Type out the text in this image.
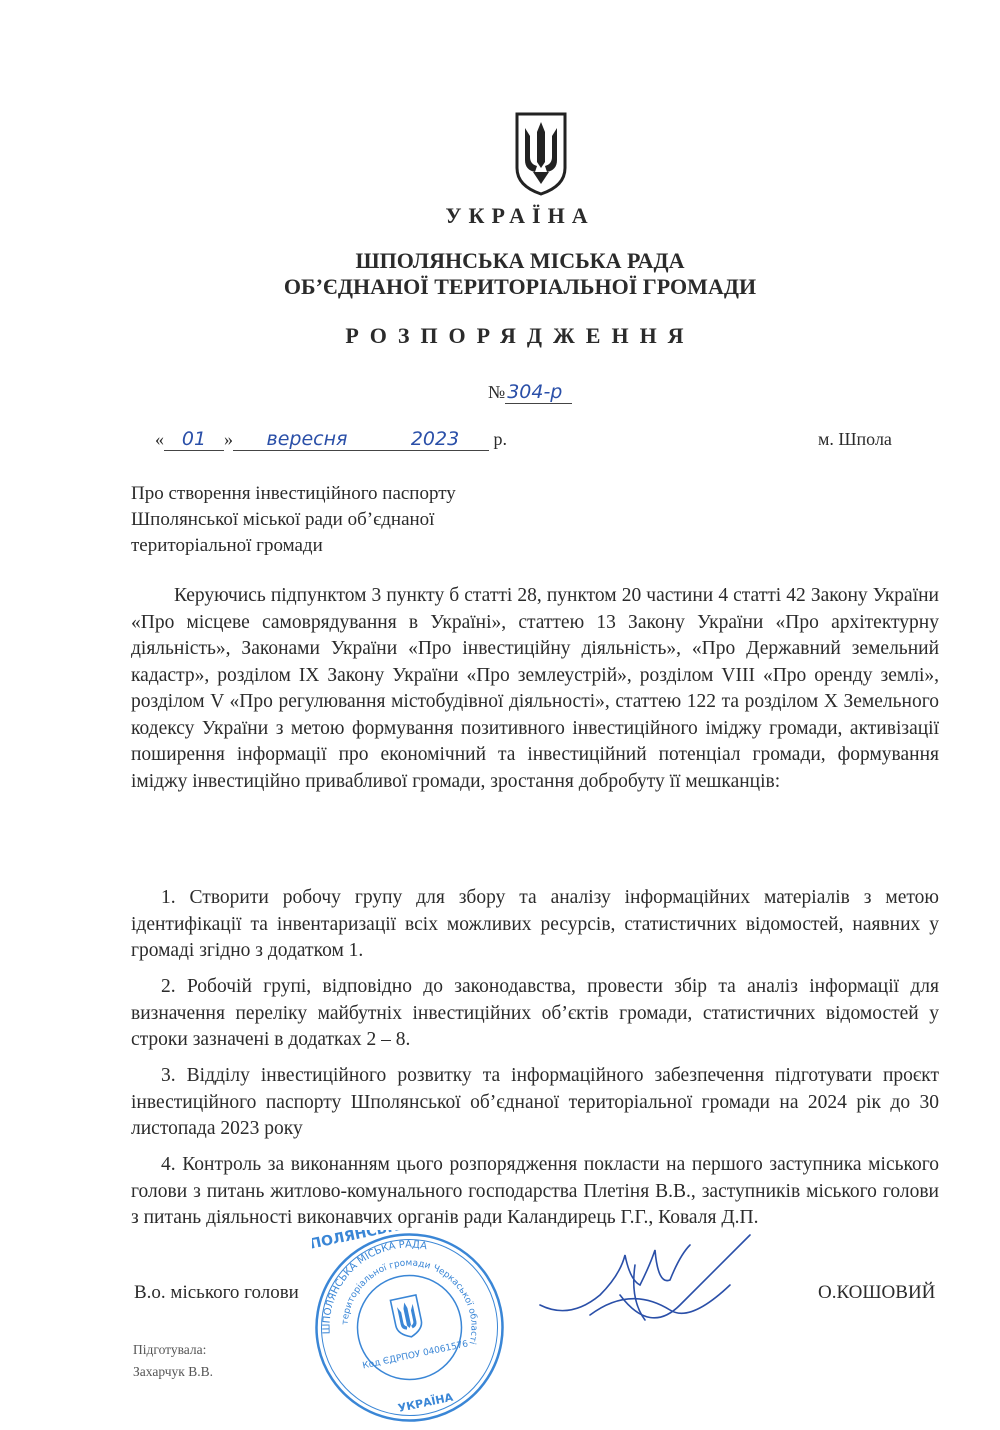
УКРАЇНА
ШПОЛЯНСЬКА МІСЬКА РАДА
ОБ’ЄДНАНОЇ ТЕРИТОРІАЛЬНОЇ ГРОМАДИ
РОЗПОРЯДЖЕННЯ
№ 304-р
« 01 » вересня	2023 р.	м. Шпола
Про створення інвестиційного паспорту
Шполянської міської ради об’єднаної
територіальної громади
Керуючись підпунктом 3 пункту б статті 28, пунктом 20 частини 4 статті 42 Закону України «Про місцеве самоврядування в Україні», статтею 13 Закону України «Про архітектурну діяльність», Законами України «Про інвестиційну діяльність», «Про Державний земельний кадастр», розділом IX Закону України «Про землеустрій», розділом VIII «Про оренду землі», розділом V «Про регулювання містобудівної діяльності», статтею 122 та розділом X Земельного кодексу України з метою формування позитивного інвестиційного іміджу громади, активізації поширення інформації про економічний та інвестиційний потенціал громади, формування іміджу інвестиційно привабливої громади, зростання добробуту її мешканців:
1. Створити робочу групу для збору та аналізу інформаційних матеріалів з метою ідентифікації та інвентаризації всіх можливих ресурсів, статистичних відомостей, наявних у громаді згідно з додатком 1.
2. Робочій групі, відповідно до законодавства, провести збір та аналіз інформації для визначення переліку майбутніх інвестиційних об’єктів громади, статистичних відомостей у строки зазначені в додатках 2 – 8.
3. Відділу інвестиційного розвитку та інформаційного забезпечення підготувати проєкт інвестиційного паспорту Шполянської об’єднаної територіальної громади на 2024 рік до 30 листопада 2023 року
4. Контроль за виконанням цього розпорядження покласти на першого заступника міського голови з питань житлово-комунального господарства Плетіня В.В., заступників міського голови з питань діяльності виконавчих органів ради Каландирець Г.Г., Коваля Д.П.
В.о. міського голови	О.КОШОВИЙ
Підготувала:
Захарчук В.В.
ШПОЛЯНСЬКА МІСЬКА РАДА
територіальної громади Черкаської області
Код ЄДРПОУ 04061576
УКРАЇНА
